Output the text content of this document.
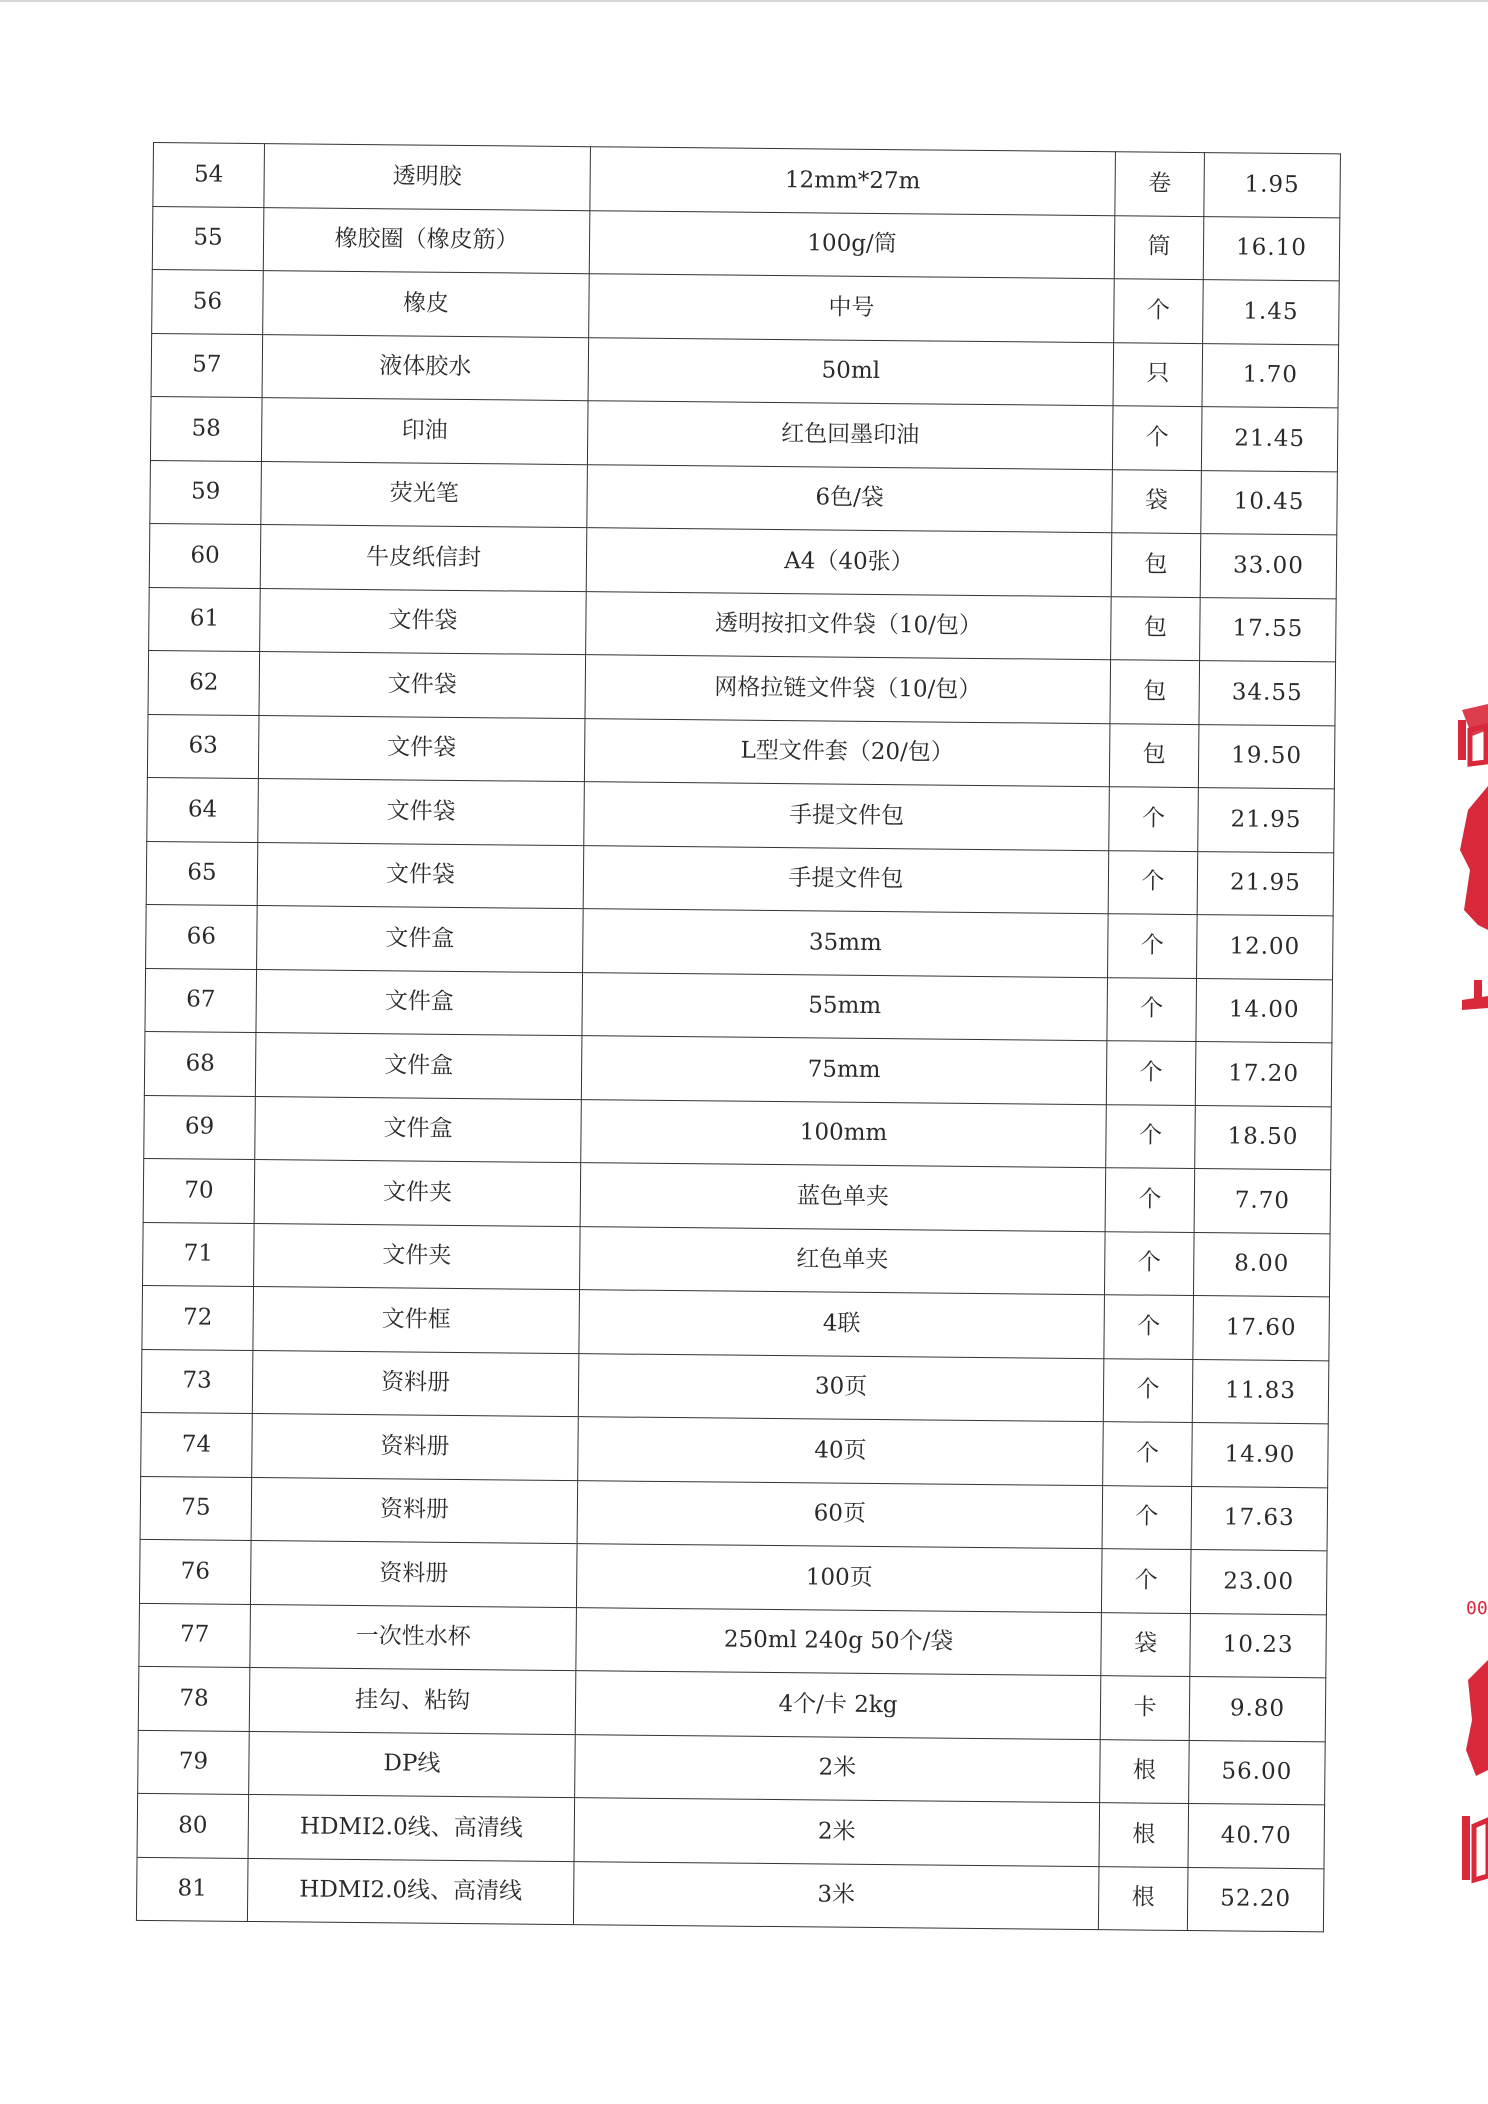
54	透明胶	12mm*27m	卷	1.95
55	橡胶圈（橡皮筋）	100g/筒	筒	16.10
56	橡皮	中号	个	1.45
57	液体胶水	50ml	只	1.70
58	印油	红色回墨印油	个	21.45
59	荧光笔	6色/袋	袋	10.45
60	牛皮纸信封	A4（40张）	包	33.00
61	文件袋	透明按扣文件袋（10/包）	包	17.55
62	文件袋	网格拉链文件袋（10/包）	包	34.55
63	文件袋	L型文件套（20/包）	包	19.50
64	文件袋	手提文件包	个	21.95
65	文件袋	手提文件包	个	21.95
66	文件盒	35mm	个	12.00
67	文件盒	55mm	个	14.00
68	文件盒	75mm	个	17.20
69	文件盒	100mm	个	18.50
70	文件夹	蓝色单夹	个	7.70
71	文件夹	红色单夹	个	8.00
72	文件框	4联	个	17.60
73	资料册	30页	个	11.83
74	资料册	40页	个	14.90
75	资料册	60页	个	17.63
76	资料册	100页	个	23.00
77	一次性水杯	250ml 240g 50个/袋	袋	10.23
78	挂勾、粘钩	4个/卡 2kg	卡	9.80
79	DP线	2米	根	56.00
80	HDMI2.0线、高清线	2米	根	40.70
81	HDMI2.0线、高清线	3米	根	52.20
00
